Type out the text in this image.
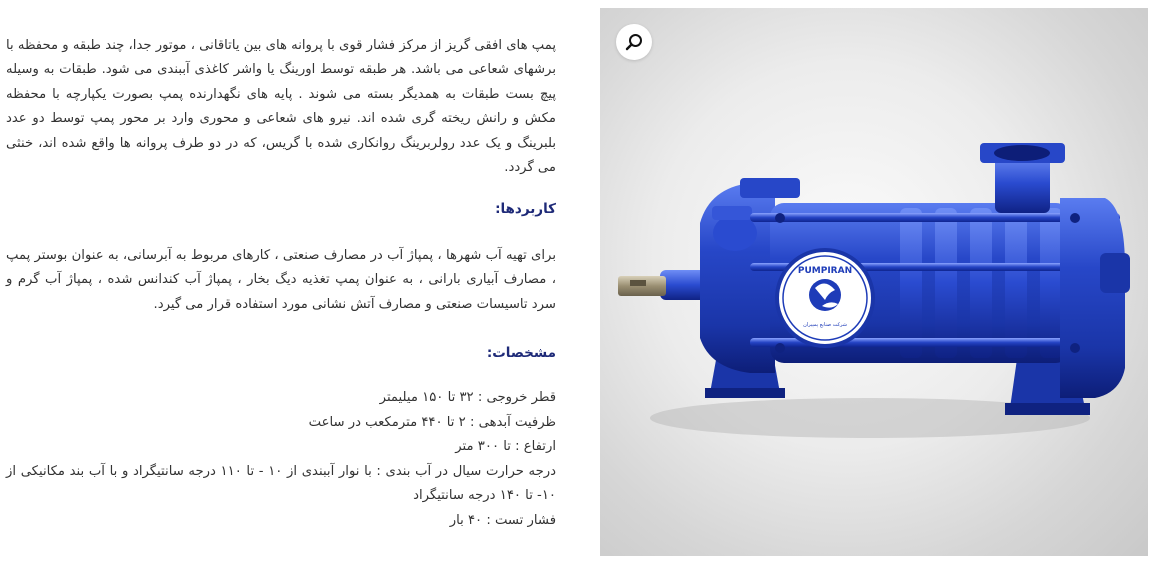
پمپ های افقی گریز از مرکز فشار قوی با پروانه های بین یاتاقانی ، موتور جدا، چند طبقه و محفظه با برشهای شعاعی می باشد. هر طبقه توسط اورینگ یا واشر کاغذی آببندی می شود. طبقات به وسیله پیچ بست طبقات به همدیگر بسته می شوند . پایه های نگهدارنده پمپ بصورت یکپارچه با محفظه مکش و رانش ریخته گری شده اند. نیرو های شعاعی و محوری وارد بر محور پمپ توسط دو عدد بلبرینگ و یک عدد رولربرینگ روانکاری شده با گریس، که در دو طرف پروانه ها واقع شده اند، خنثی می گردد.

کاربردها:

برای تهیه آب شهرها ، پمپاژ آب در مصارف صنعتی ، کارهای مربوط به آبرسانی، به عنوان بوستر پمپ ، مصارف آبیاری بارانی ، به عنوان پمپ تغذیه دیگ بخار ، پمپاژ آب کندانس شده ، پمپاژ آب گرم و سرد تاسیسات صنعتی و مصارف آتش نشانی مورد استفاده قرار می گیرد.

مشخصات:

قطر خروجی : ۳۲ تا ۱۵۰ میلیمتر
ظرفیت آبدهی : ۲ تا ۴۴۰ مترمکعب در ساعت
ارتفاع : تا ۳۰۰ متر
درجه حرارت سیال در آب بندی : با نوار آببندی از ۱۰ - تا ۱۱۰ درجه سانتیگراد و با آب بند مکانیکی از ۱۰- تا ۱۴۰ درجه سانتیگراد
فشار تست : ۴۰ بار
PUMPIRAN
شرکت صنایع پمپیران
